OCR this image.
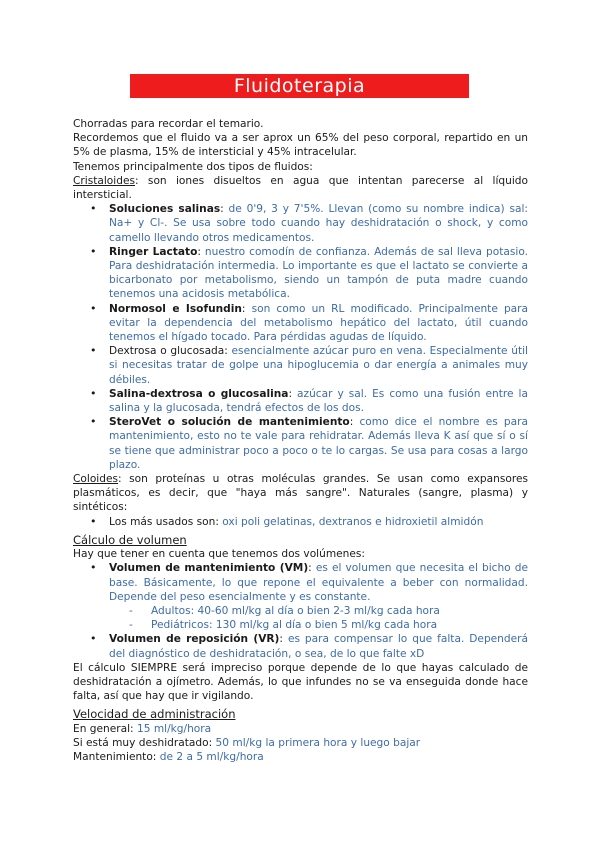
Fluidoterapia

Chorradas para recordar el temario.

Recordemos que el fluido va a ser aprox un 65% del peso corporal, repartido en un 5% de plasma, 15% de intersticial y 45% intracelular.

Tenemos principalmente dos tipos de fluidos:

Cristaloides: son iones disueltos en agua que intentan parecerse al líquido intersticial.

• Soluciones salinas: de 0'9, 3 y 7'5%. Llevan (como su nombre indica) sal: Na+ y Cl-. Se usa sobre todo cuando hay deshidratación o shock, y como camello llevando otros medicamentos.
• Ringer Lactato: nuestro comodín de confianza. Además de sal lleva potasio. Para deshidratación intermedia. Lo importante es que el lactato se convierte a bicarbonato por metabolismo, siendo un tampón de puta madre cuando tenemos una acidosis metabólica.
• Normosol e Isofundin: son como un RL modificado. Principalmente para evitar la dependencia del metabolismo hepático del lactato, útil cuando tenemos el hígado tocado. Para pérdidas agudas de líquido.
• Dextrosa o glucosada: esencialmente azúcar puro en vena. Especialmente útil si necesitas tratar de golpe una hipoglucemia o dar energía a animales muy débiles.
• Salina-dextrosa o glucosalina: azúcar y sal. Es como una fusión entre la salina y la glucosada, tendrá efectos de los dos.
• SteroVet o solución de mantenimiento: como dice el nombre es para mantenimiento, esto no te vale para rehidratar. Además lleva K así que sí o sí se tiene que administrar poco a poco o te lo cargas. Se usa para cosas a largo plazo.

Coloides: son proteínas u otras moléculas grandes. Se usan como expansores plasmáticos, es decir, que "haya más sangre". Naturales (sangre, plasma) y sintéticos:

• Los más usados son: oxi poli gelatinas, dextranos e hidroxietil almidón

Cálculo de volumen

Hay que tener en cuenta que tenemos dos volúmenes:

• Volumen de mantenimiento (VM): es el volumen que necesita el bicho de base. Básicamente, lo que repone el equivalente a beber con normalidad. Depende del peso esencialmente y es constante.
- Adultos: 40-60 ml/kg al día o bien 2-3 ml/kg cada hora
- Pediátricos: 130 ml/kg al día o bien 5 ml/kg cada hora
• Volumen de reposición (VR): es para compensar lo que falta. Dependerá del diagnóstico de deshidratación, o sea, de lo que falte xD

El cálculo SIEMPRE será impreciso porque depende de lo que hayas calculado de deshidratación a ojímetro. Además, lo que infundes no se va enseguida donde hace falta, así que hay que ir vigilando.

Velocidad de administración

En general: 15 ml/kg/hora

Si está muy deshidratado: 50 ml/kg la primera hora y luego bajar

Mantenimiento: de 2 a 5 ml/kg/hora
